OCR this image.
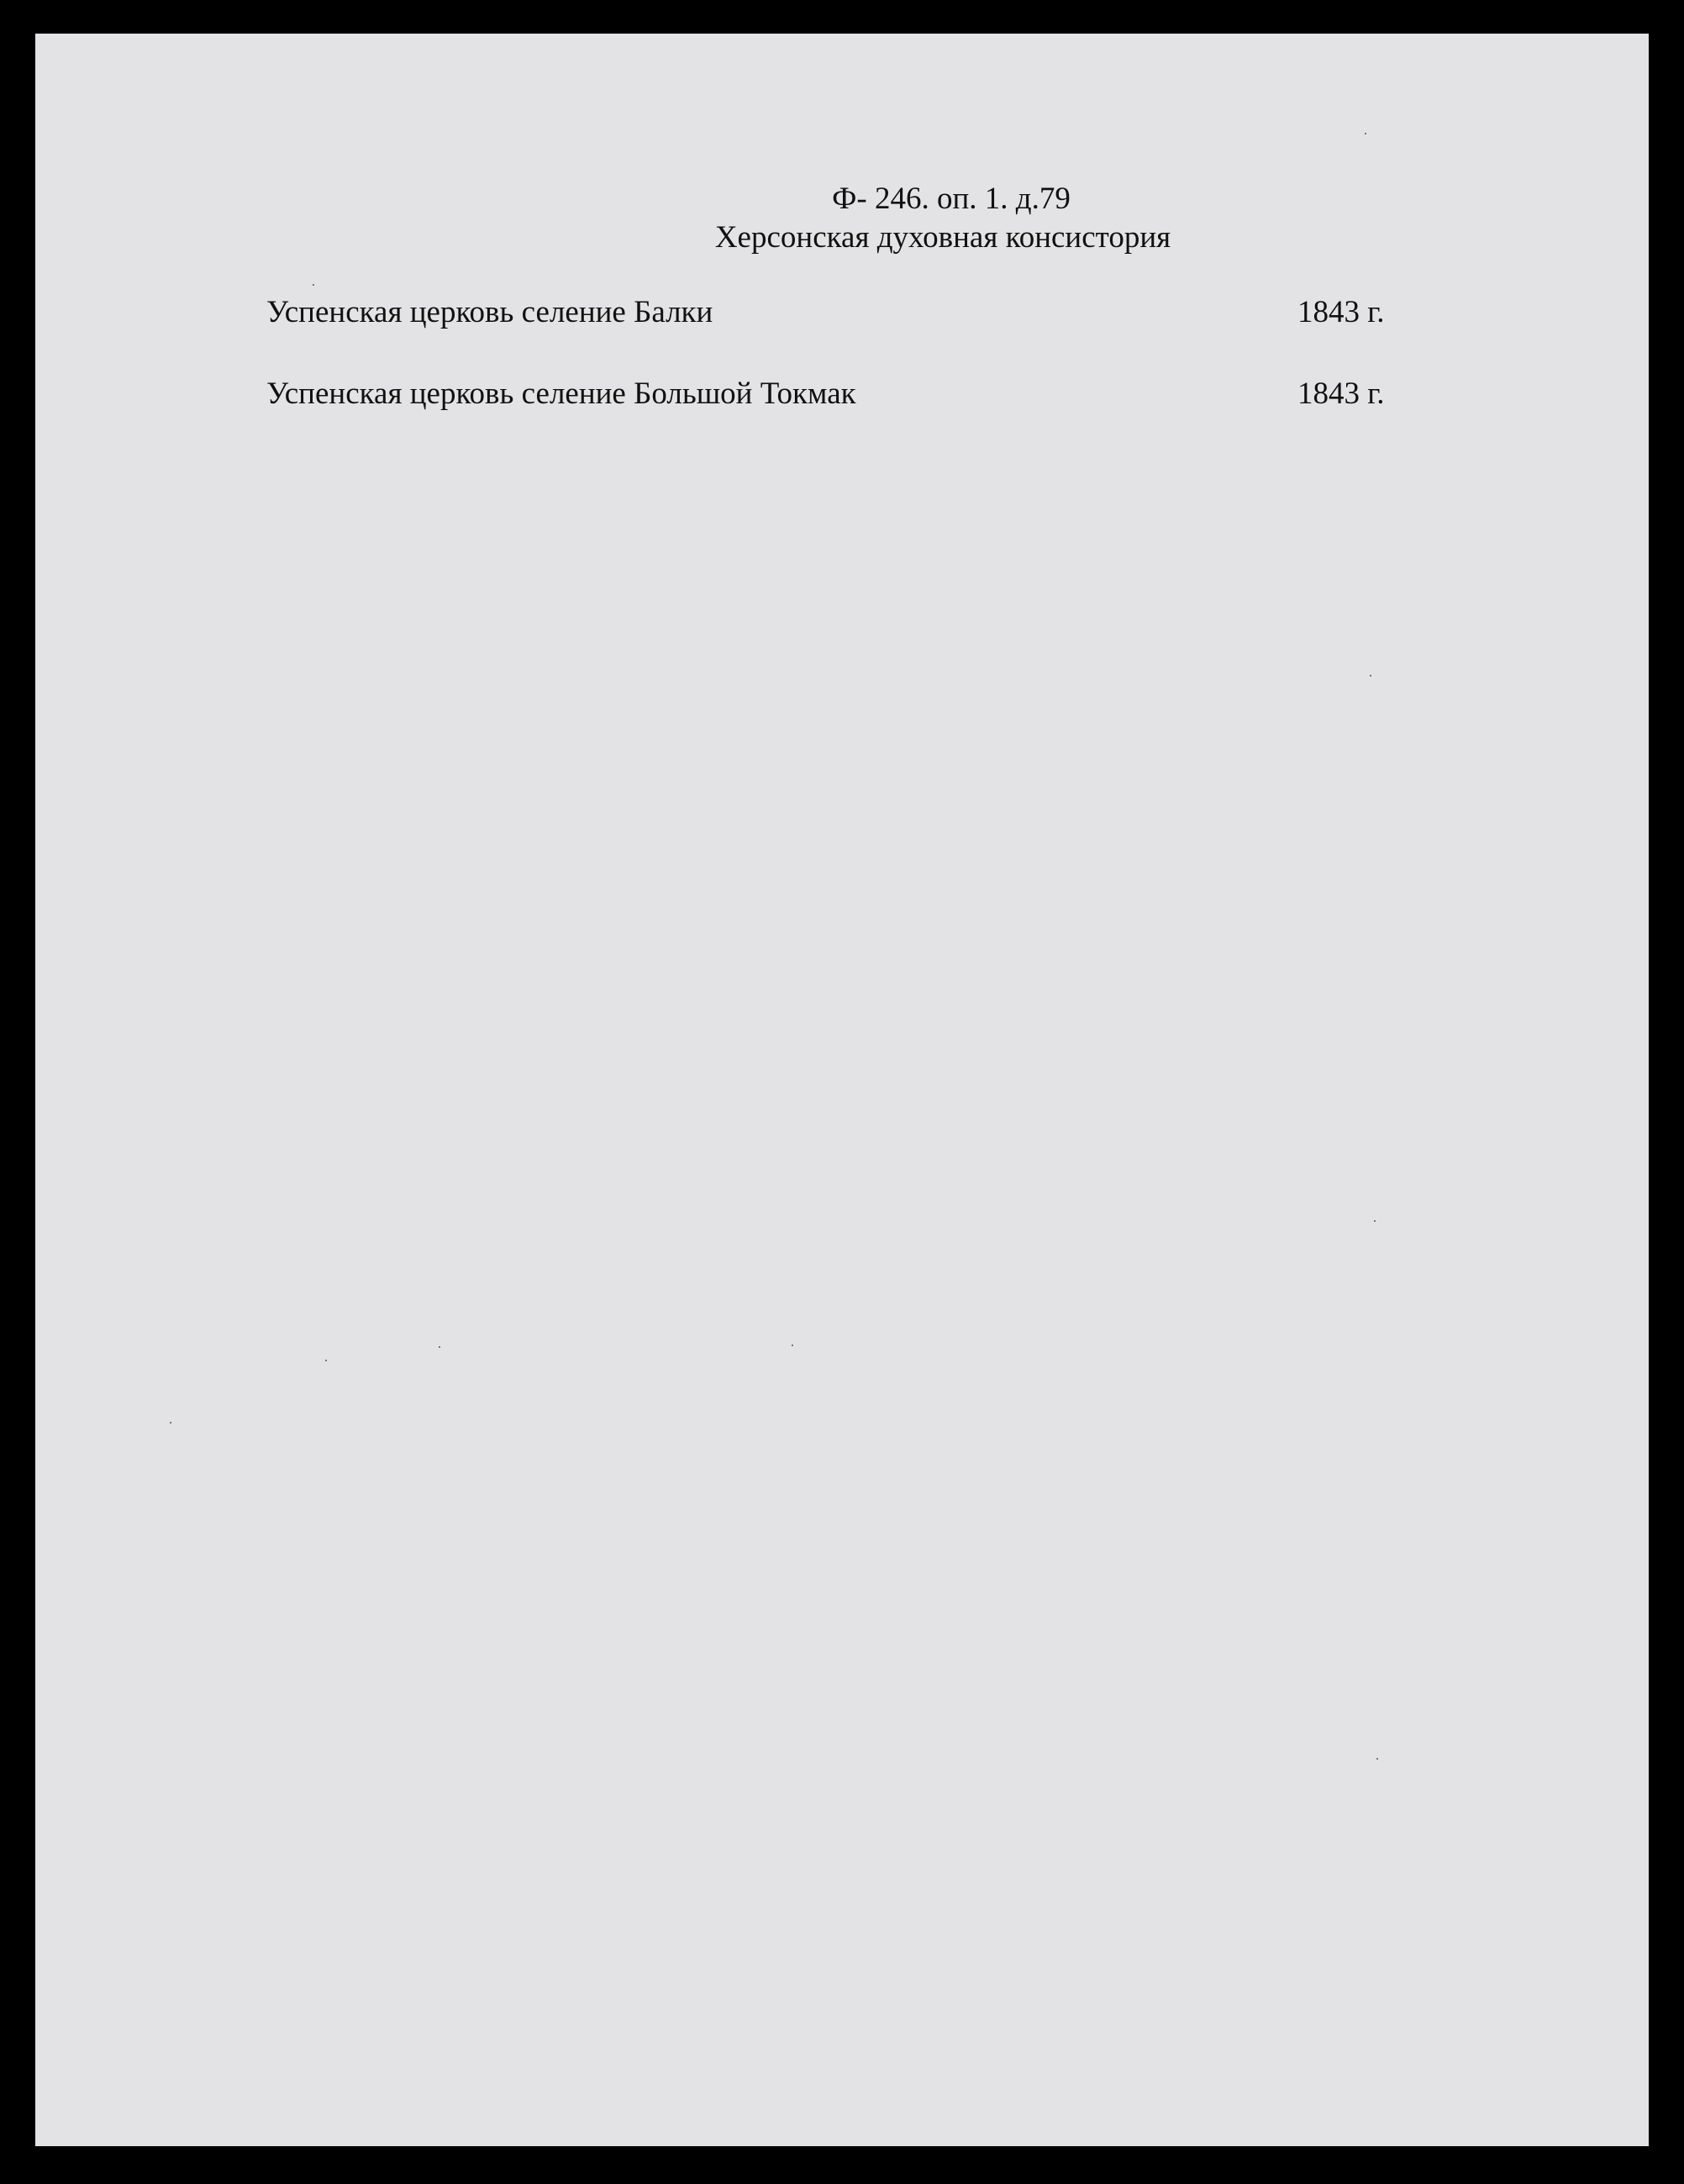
Ф- 246. оп. 1. д.79
Херсонская духовная консистория
Успенская церковь селение Балки	1843 г.
Успенская церковь селение Большой Токмак	1843 г.
